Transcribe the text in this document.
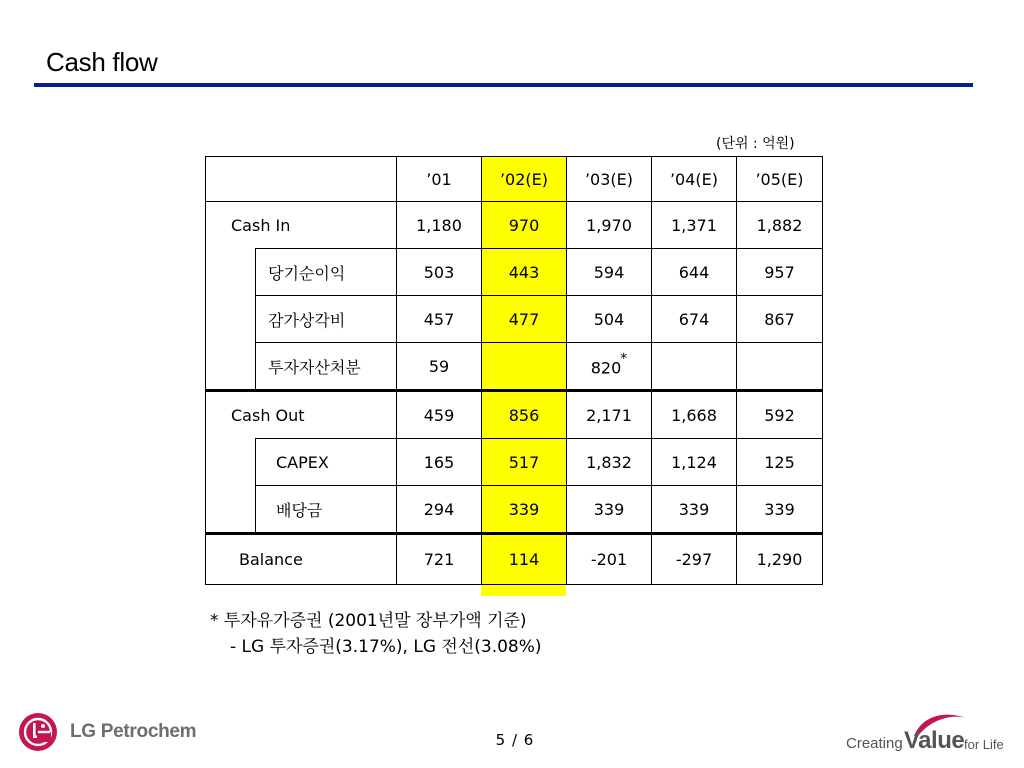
Cash flow
(단위 : 억원)
		’01	’02(E)	’03(E)	’04(E)	’05(E)
Cash In		1,180	970	1,970	1,371	1,882
	당기순이익	503	443	594	644	957
	감가상각비	457	477	504	674	867
	투자자산처분	59		820*		
Cash Out		459	856	2,171	1,668	592
	CAPEX	165	517	1,832	1,124	125
	배당금	294	339	339	339	339
Balance		721	114	-201	-297	1,290
* 투자유가증권 (2001년말 장부가액 기준)
- LG 투자증권(3.17%), LG 전선(3.08%)
5 / 6
LG Petrochem
Creating Value for Life
